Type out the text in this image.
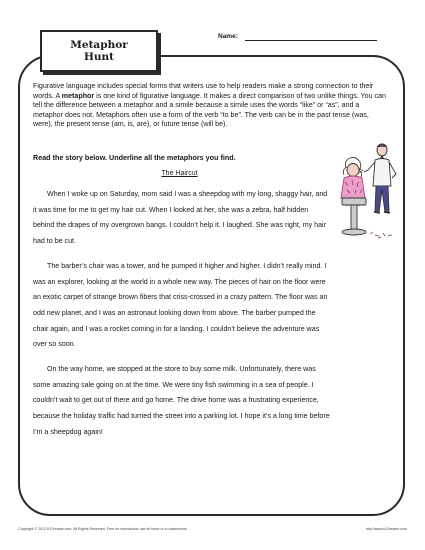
Name:
Metaphor
Hunt
Figurative language includes special forms that writers use to help readers make a strong connection to their words. A metaphor is one kind of figurative language. It makes a direct comparison of two unlike things. You can tell the difference between a metaphor and a simile because a simile uses the words “like” or “as”, and a metaphor does not. Metaphors often use a form of the verb “to be”. The verb can be in the past tense (was, were), the present tense (am, is, are), or future tense (will be).
Read the story below. Underline all the metaphors you find.
The Haircut

When I woke up on Saturday, mom said I was a sheepdog with my long, shaggy hair, and it was time for me to get my hair cut. When I looked at her, she was a zebra, half hidden behind the drapes of my overgrown bangs. I couldn’t help it. I laughed. She was right, my hair had to be cut.

The barber’s chair was a tower, and he pumped it higher and higher. I didn’t really mind. I was an explorer, looking at the world in a whole new way. The pieces of hair on the floor were an exotic carpet of strange brown fibers that criss-crossed in a crazy pattern. The floor was an odd new planet, and I was an astronaut looking down from above. The barber pumped the chair again, and I was a rocket coming in for a landing. I couldn’t believe the adventure was over so soon.

On the way home, we stopped at the store to buy some milk. Unfortunately, there was some amazing sale going on at the time. We were tiny fish swimming in a sea of people. I couldn’t wait to get out of there and go home. The drive home was a frustrating experience, because the holiday traffic had turned the street into a parking lot. I hope it’s a long time before I’m a sheepdog again!

Copyright © 2012 K12reader.com. All Rights Reserved. Free for educational use at home or in classrooms.	http://www.k12reader.com
